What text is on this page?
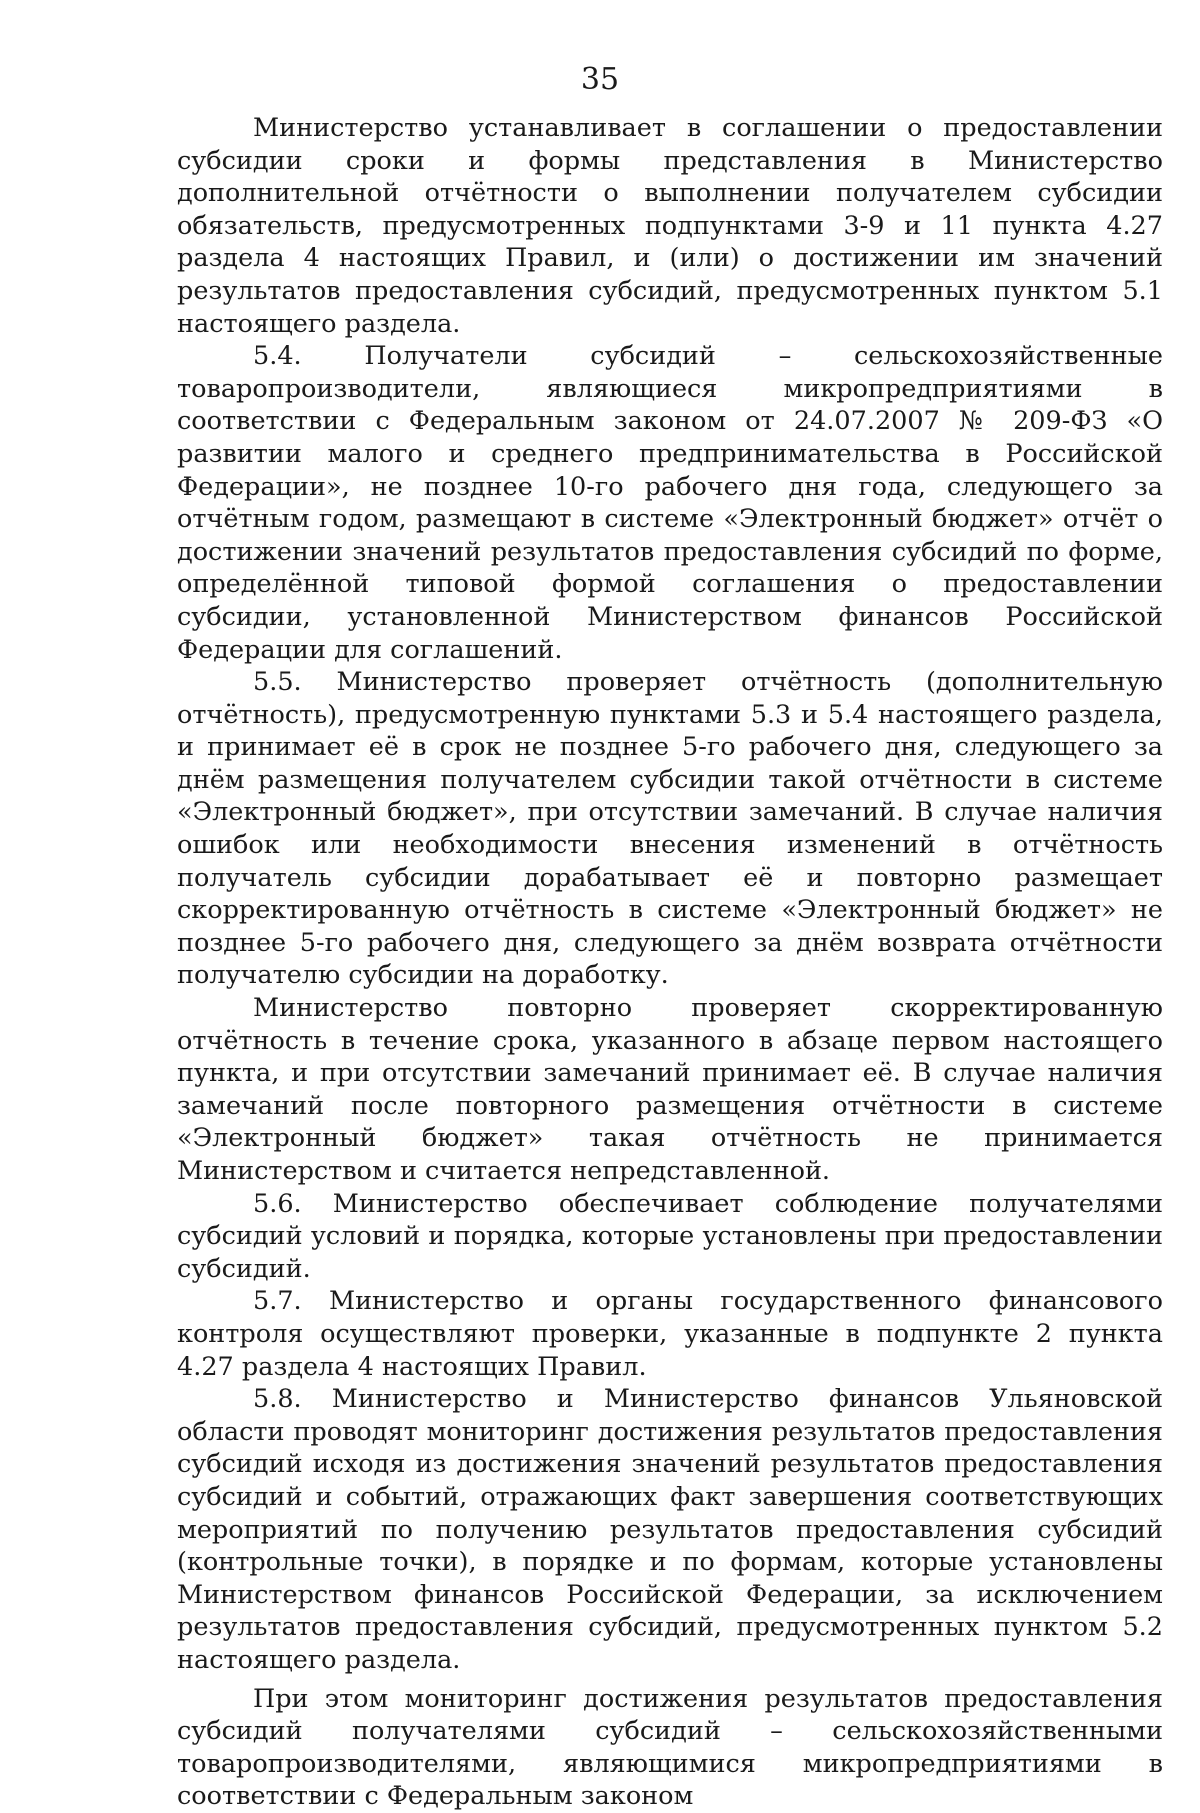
35

Министерство устанавливает в соглашении о предоставлении субсидии сроки и формы представления в Министерство дополнительной отчётности о выполнении получателем субсидии обязательств, предусмотренных подпунктами 3-9 и 11 пункта 4.27 раздела 4 настоящих Правил, и (или) о достижении им значений результатов предоставления субсидий, предусмотренных пунктом 5.1 настоящего раздела.

5.4. Получатели субсидий – сельскохозяйственные товаропроизводители, являющиеся микропредприятиями в соответствии с Федеральным законом от 24.07.2007 № 209-ФЗ «О развитии малого и среднего предпринимательства в Российской Федерации», не позднее 10-го рабочего дня года, следующего за отчётным годом, размещают в системе «Электронный бюджет» отчёт о достижении значений результатов предоставления субсидий по форме, определённой типовой формой соглашения о предоставлении субсидии, установленной Министерством финансов Российской Федерации для соглашений.

5.5. Министерство проверяет отчётность (дополнительную отчётность), предусмотренную пунктами 5.3 и 5.4 настоящего раздела, и принимает её в срок не позднее 5-го рабочего дня, следующего за днём размещения получателем субсидии такой отчётности в системе «Электронный бюджет», при отсутствии замечаний. В случае наличия ошибок или необходимости внесения изменений в отчётность получатель субсидии дорабатывает её и повторно размещает скорректированную отчётность в системе «Электронный бюджет» не позднее 5-го рабочего дня, следующего за днём возврата отчётности получателю субсидии на доработку.

Министерство повторно проверяет скорректированную отчётность в течение срока, указанного в абзаце первом настоящего пункта, и при отсутствии замечаний принимает её. В случае наличия замечаний после повторного размещения отчётности в системе «Электронный бюджет» такая отчётность не принимается Министерством и считается непредставленной.

5.6. Министерство обеспечивает соблюдение получателями субсидий условий и порядка, которые установлены при предоставлении субсидий.

5.7. Министерство и органы государственного финансового контроля осуществляют проверки, указанные в подпункте 2 пункта 4.27 раздела 4 настоящих Правил.

5.8. Министерство и Министерство финансов Ульяновской области проводят мониторинг достижения результатов предоставления субсидий исходя из достижения значений результатов предоставления субсидий и событий, отражающих факт завершения соответствующих мероприятий по получению результатов предоставления субсидий (контрольные точки), в порядке и по формам, которые установлены Министерством финансов Российской Федерации, за исключением результатов предоставления субсидий, предусмотренных пунктом 5.2 настоящего раздела.

При этом мониторинг достижения результатов предоставления субсидий получателями субсидий – сельскохозяйственными товаропроизводителями, являющимися микропредприятиями в соответствии с Федеральным законом
